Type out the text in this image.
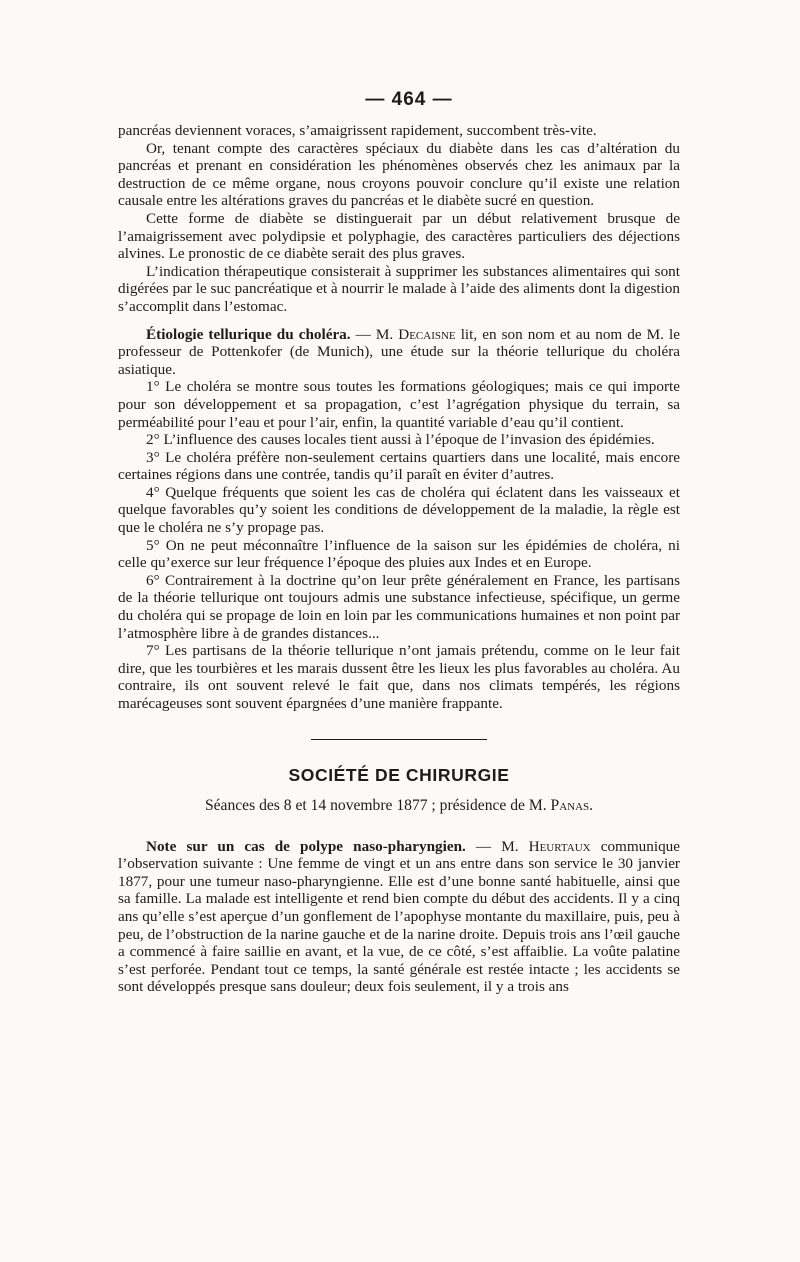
— 464 —

pancréas deviennent voraces, s’amaigrissent rapidement, succombent très-vite.

Or, tenant compte des caractères spéciaux du diabète dans les cas d’altération du pancréas et prenant en considération les phénomènes observés chez les animaux par la destruction de ce même organe, nous croyons pouvoir conclure qu’il existe une relation causale entre les altérations graves du pancréas et le diabète sucré en question.

Cette forme de diabète se distinguerait par un début relativement brusque de l’amaigrissement avec polydipsie et polyphagie, des caractères particuliers des déjections alvines. Le pronostic de ce diabète serait des plus graves.

L’indication thérapeutique consisterait à supprimer les substances alimentaires qui sont digérées par le suc pancréatique et à nourrir le malade à l’aide des aliments dont la digestion s’accomplit dans l’estomac.

Étiologie tellurique du choléra. — M. Decaisne lit, en son nom et au nom de M. le professeur de Pottenkofer (de Munich), une étude sur la théorie tellurique du choléra asiatique.

1° Le choléra se montre sous toutes les formations géologiques; mais ce qui importe pour son développement et sa propagation, c’est l’agrégation physique du terrain, sa perméabilité pour l’eau et pour l’air, enfin, la quantité variable d’eau qu’il contient.

2° L’influence des causes locales tient aussi à l’époque de l’invasion des épidémies.

3° Le choléra préfère non-seulement certains quartiers dans une localité, mais encore certaines régions dans une contrée, tandis qu’il paraît en éviter d’autres.

4° Quelque fréquents que soient les cas de choléra qui éclatent dans les vaisseaux et quelque favorables qu’y soient les conditions de développement de la maladie, la règle est que le choléra ne s’y propage pas.

5° On ne peut méconnaître l’influence de la saison sur les épidémies de choléra, ni celle qu’exerce sur leur fréquence l’époque des pluies aux Indes et en Europe.

6° Contrairement à la doctrine qu’on leur prête généralement en France, les partisans de la théorie tellurique ont toujours admis une substance infectieuse, spécifique, un germe du choléra qui se propage de loin en loin par les communications humaines et non point par l’atmosphère libre à de grandes distances...

7° Les partisans de la théorie tellurique n’ont jamais prétendu, comme on le leur fait dire, que les tourbières et les marais dussent être les lieux les plus favorables au choléra. Au contraire, ils ont souvent relevé le fait que, dans nos climats tempérés, les régions marécageuses sont souvent épargnées d’une manière frappante.

SOCIÉTÉ DE CHIRURGIE

Séances des 8 et 14 novembre 1877 ; présidence de M. Panas.

Note sur un cas de polype naso-pharyngien. — M. Heurtaux communique l’observation suivante : Une femme de vingt et un ans entre dans son service le 30 janvier 1877, pour une tumeur naso-pharyngienne. Elle est d’une bonne santé habituelle, ainsi que sa famille. La malade est intelligente et rend bien compte du début des accidents. Il y a cinq ans qu’elle s’est aperçue d’un gonflement de l’apophyse montante du maxillaire, puis, peu à peu, de l’obstruction de la narine gauche et de la narine droite. Depuis trois ans l’œil gauche a commencé à faire saillie en avant, et la vue, de ce côté, s’est affaiblie. La voûte palatine s’est perforée. Pendant tout ce temps, la santé générale est restée intacte ; les accidents se sont développés presque sans douleur; deux fois seulement, il y a trois ans
